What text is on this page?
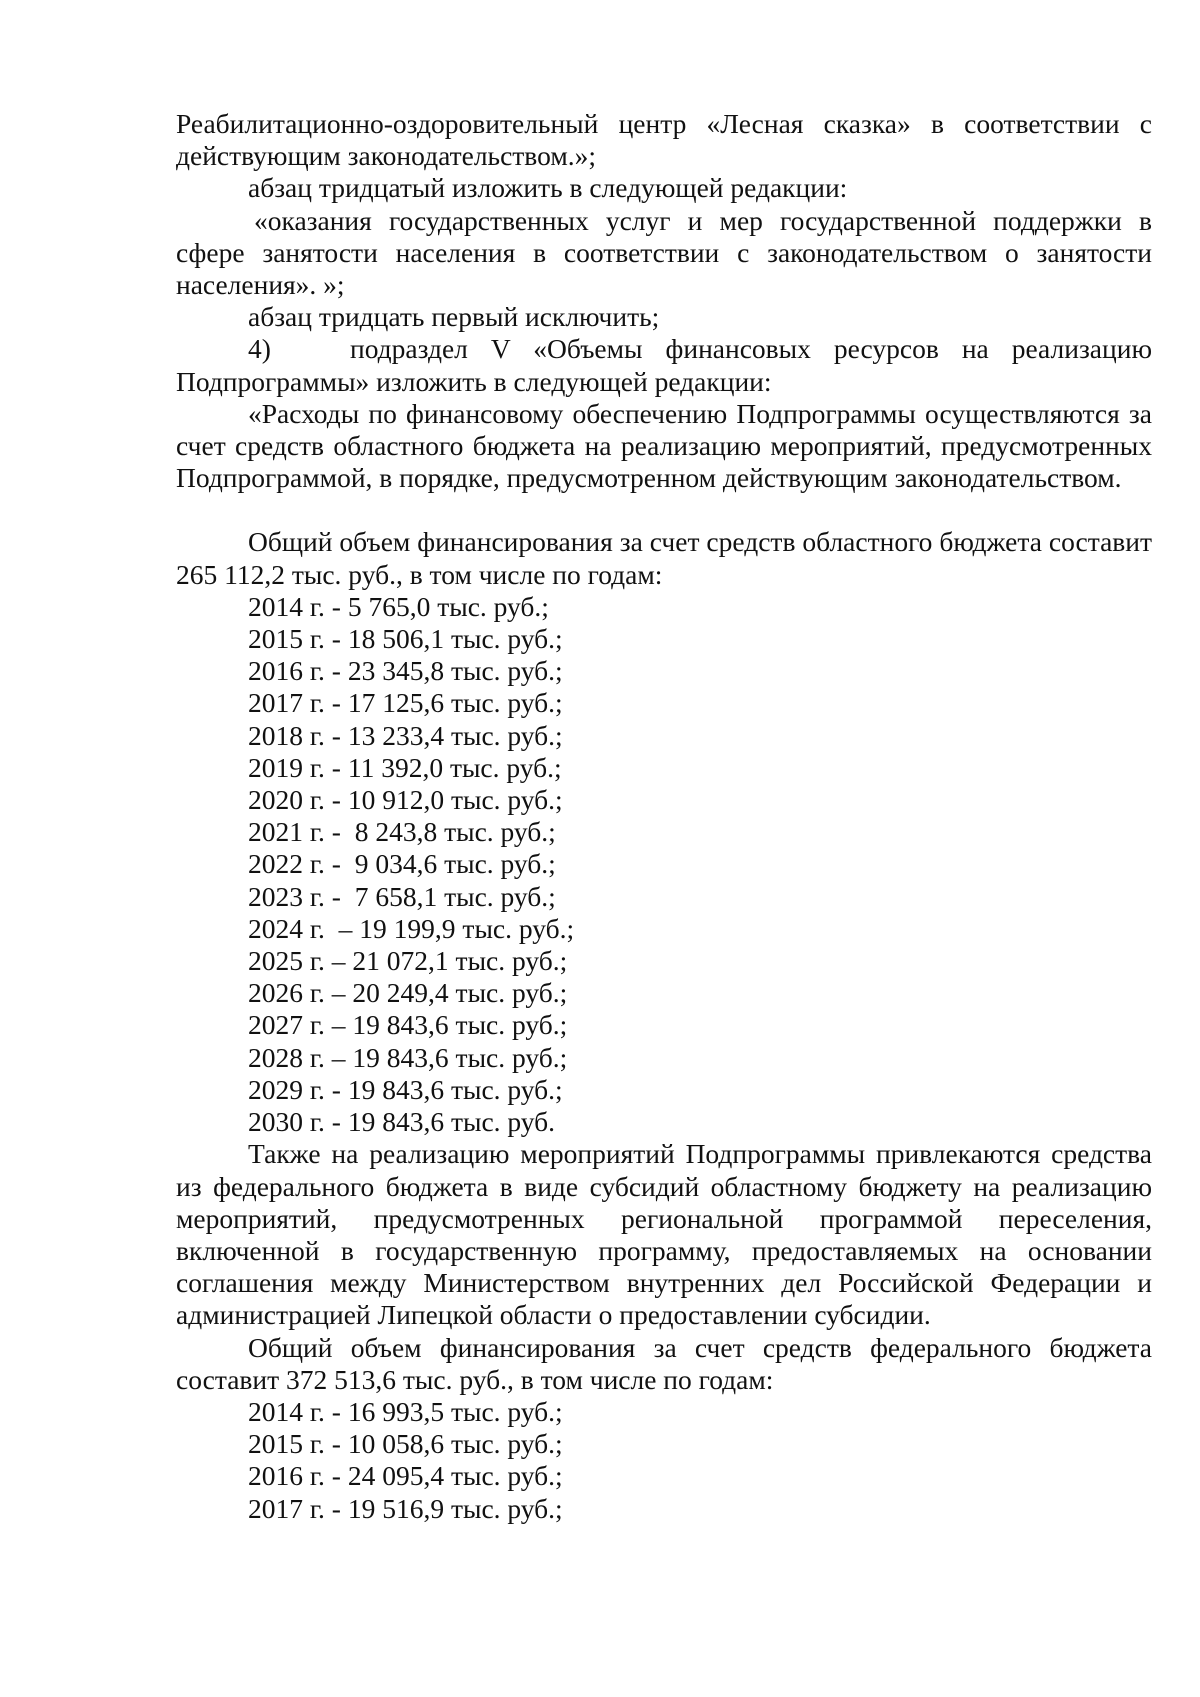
Реабилитационно-оздоровительный центр «Лесная сказка» в соответствии с действующим законодательством.»;

абзац тридцатый изложить в следующей редакции:

«оказания государственных услуг и мер государственной поддержки в сфере занятости населения в соответствии с законодательством о занятости населения». »;

абзац тридцать первый исключить;

4)	подраздел V «Объемы финансовых ресурсов на реализацию

Подпрограммы» изложить в следующей редакции:

«Расходы по финансовому обеспечению Подпрограммы осуществляются за счет средств областного бюджета на реализацию мероприятий, предусмотренных Подпрограммой, в порядке, предусмотренном действующим законодательством.

Общий объем финансирования за счет средств областного бюджета составит 265 112,2 тыс. руб., в том числе по годам:

2014 г. - 5 765,0 тыс. руб.;
2015 г. - 18 506,1 тыс. руб.;
2016 г. - 23 345,8 тыс. руб.;
2017 г. - 17 125,6 тыс. руб.;
2018 г. - 13 233,4 тыс. руб.;
2019 г. - 11 392,0 тыс. руб.;
2020 г. - 10 912,0 тыс. руб.;
2021 г. -  8 243,8 тыс. руб.;
2022 г. -  9 034,6 тыс. руб.;
2023 г. -  7 658,1 тыс. руб.;
2024 г.  – 19 199,9 тыс. руб.;
2025 г. – 21 072,1 тыс. руб.;
2026 г. – 20 249,4 тыс. руб.;
2027 г. – 19 843,6 тыс. руб.;
2028 г. – 19 843,6 тыс. руб.;
2029 г. - 19 843,6 тыс. руб.;
2030 г. - 19 843,6 тыс. руб.

Также на реализацию мероприятий Подпрограммы привлекаются средства из федерального бюджета в виде субсидий областному бюджету на реализацию мероприятий, предусмотренных региональной программой переселения, включенной в государственную программу, предоставляемых на основании соглашения между Министерством внутренних дел Российской Федерации и администрацией Липецкой области о предоставлении субсидии.

Общий объем финансирования за счет средств федерального бюджета составит 372 513,6 тыс. руб., в том числе по годам:

2014 г. - 16 993,5 тыс. руб.;
2015 г. - 10 058,6 тыс. руб.;
2016 г. - 24 095,4 тыс. руб.;
2017 г. - 19 516,9 тыс. руб.;
